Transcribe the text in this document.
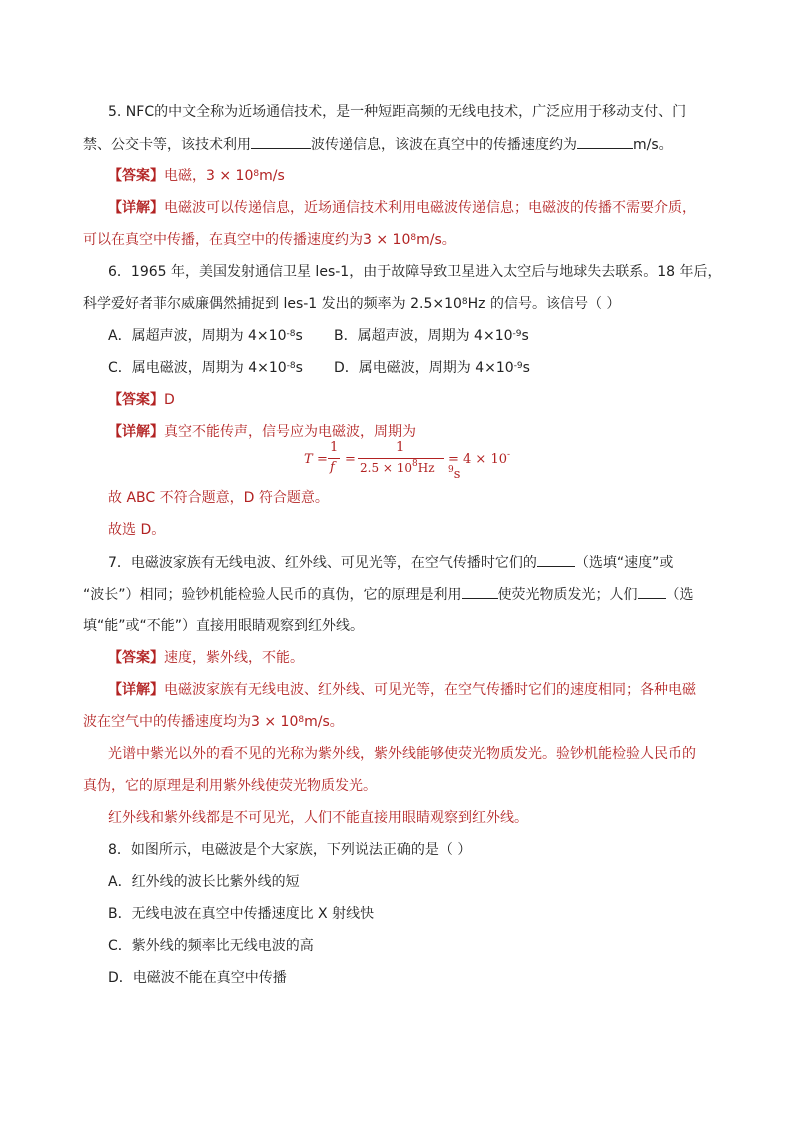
5. NFC的中文全称为近场通信技术，是一种短距高频的无线电技术，广泛应用于移动支付、门
禁、公交卡等，该技术利用	波传递信息，该波在真空中的传播速度约为	m/s。
【答案】电磁，$3 \times 10^8m/s$
【详解】电磁波可以传递信息，近场通信技术利用电磁波传递信息；电磁波的传播不需要介质，
可以在真空中传播，在真空中的传播速度约为$3 \times 10^8m/s$。
6．1965 年，美国发射通信卫星 les-1，由于故障导致卫星进入太空后与地球失去联系。18 年后，
科学爱好者菲尔威廉偶然捕捉到 les-1 发出的频率为 $2.5\times 10^8Hz$ 的信号。该信号（ ）
A．属超声波，周期为 $4\times 10^{-8}s$ B．属超声波，周期为 $4\times 10^{-9}s$
C．属电磁波，周期为 $4\times 10^{-8}s$ D．属电磁波，周期为 $4\times 10^{-9}s$
【答案】D
【详解】真空不能传声，信号应为电磁波，周期为
T =
1
f
=
1
$2.5 \times 10^8Hz$
= $4 \times 10^{-9}s$
故 ABC 不符合题意，D 符合题意。
故选 D。
7．电磁波家族有无线电波、红外线、可见光等，在空气传播时它们的	（选填“速度”或
“波长”）相同；验钞机能检验人民币的真伪，它的原理是利用	使荧光物质发光；人们 （选
填“能”或“不能”）直接用眼睛观察到红外线。
【答案】速度，紫外线，不能。
【详解】电磁波家族有无线电波、红外线、可见光等，在空气传播时它们的速度相同；各种电磁
波在空气中的传播速度均为$3 \times 10^8m/s$。
光谱中紫光以外的看不见的光称为紫外线，紫外线能够使荧光物质发光。验钞机能检验人民币的
真伪，它的原理是利用紫外线使荧光物质发光。
红外线和紫外线都是不可见光，人们不能直接用眼睛观察到红外线。
8．如图所示，电磁波是个大家族，下列说法正确的是（ ）
A．红外线的波长比紫外线的短
B．无线电波在真空中传播速度比 X 射线快
C．紫外线的频率比无线电波的高
D．电磁波不能在真空中传播
